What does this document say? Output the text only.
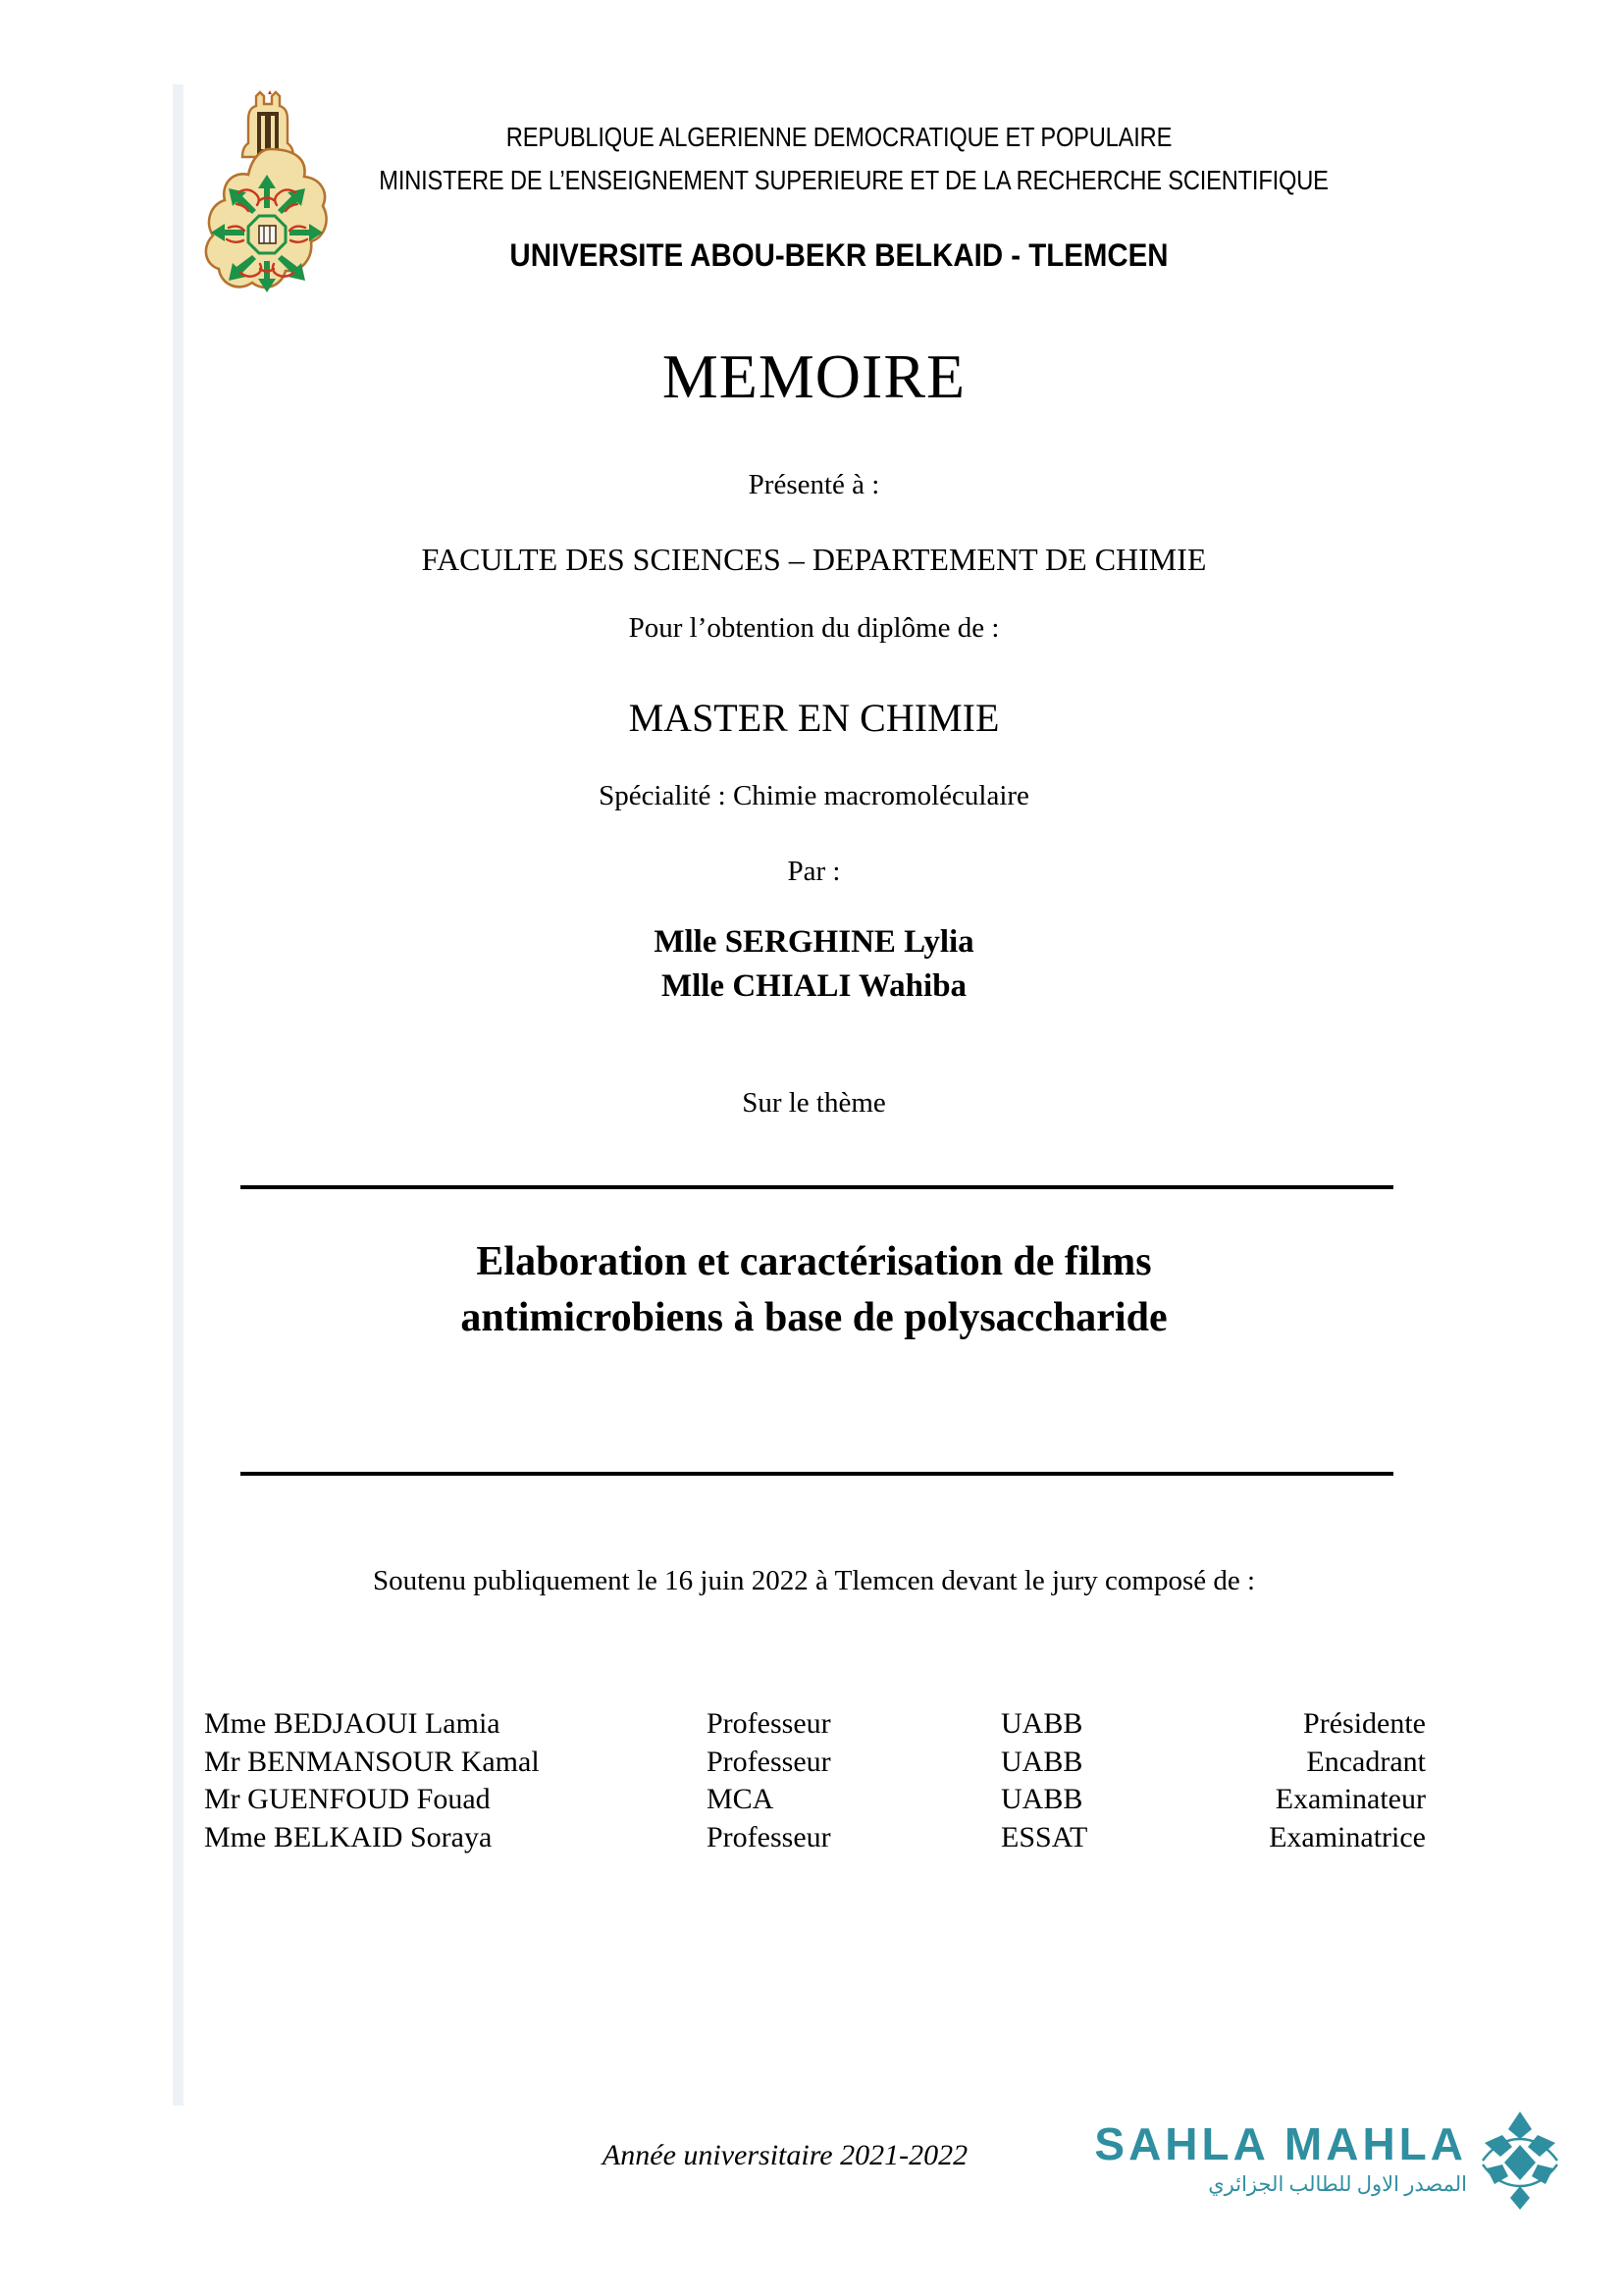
REPUBLIQUE ALGERIENNE DEMOCRATIQUE ET POPULAIRE
MINISTERE DE L’ENSEIGNEMENT SUPERIEURE ET DE LA RECHERCHE SCIENTIFIQUE
UNIVERSITE ABOU-BEKR BELKAID - TLEMCEN
MEMOIRE
Présenté à :
FACULTE DES SCIENCES – DEPARTEMENT DE CHIMIE
Pour l’obtention du diplôme de :
MASTER EN CHIMIE
Spécialité : Chimie macromoléculaire
Par :
Mlle SERGHINE Lylia
Mlle CHIALI Wahiba
Sur le thème
Elaboration et caractérisation de films
antimicrobiens à base de polysaccharide
Soutenu publiquement le 16 juin 2022 à Tlemcen devant le jury composé de :
Mme BEDJAOUI Lamia	Professeur	UABB	Présidente
Mr BENMANSOUR Kamal	Professeur	UABB	Encadrant
Mr GUENFOUD Fouad	MCA	UABB	Examinateur
Mme BELKAID Soraya	Professeur	ESSAT	Examinatrice
Année universitaire 2021-2022	SAHLA MAHLA
المصدر الاول للطالب الجزائري
